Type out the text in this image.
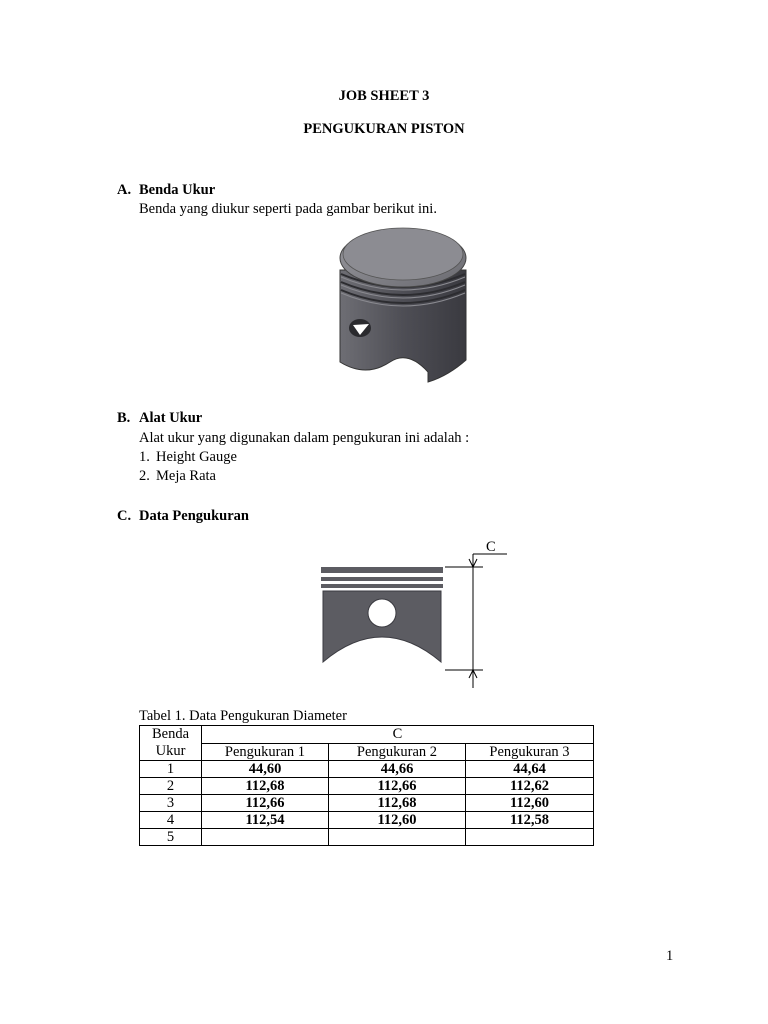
JOB SHEET 3
PENGUKURAN PISTON
A. Benda Ukur
Benda yang diukur seperti pada gambar berikut ini.
B. Alat Ukur
Alat ukur yang digunakan dalam pengukuran ini adalah :
1. Height Gauge
2. Meja Rata
C. Data Pengukuran
C
Tabel 1. Data Pengukuran Diameter
Benda
Ukur	C		
	Pengukuran 1	Pengukuran 2	Pengukuran 3
1	44,60	44,66	44,64
2	112,68	112,66	112,62
3	112,66	112,68	112,60
4	112,54	112,60	112,58
5			
1
